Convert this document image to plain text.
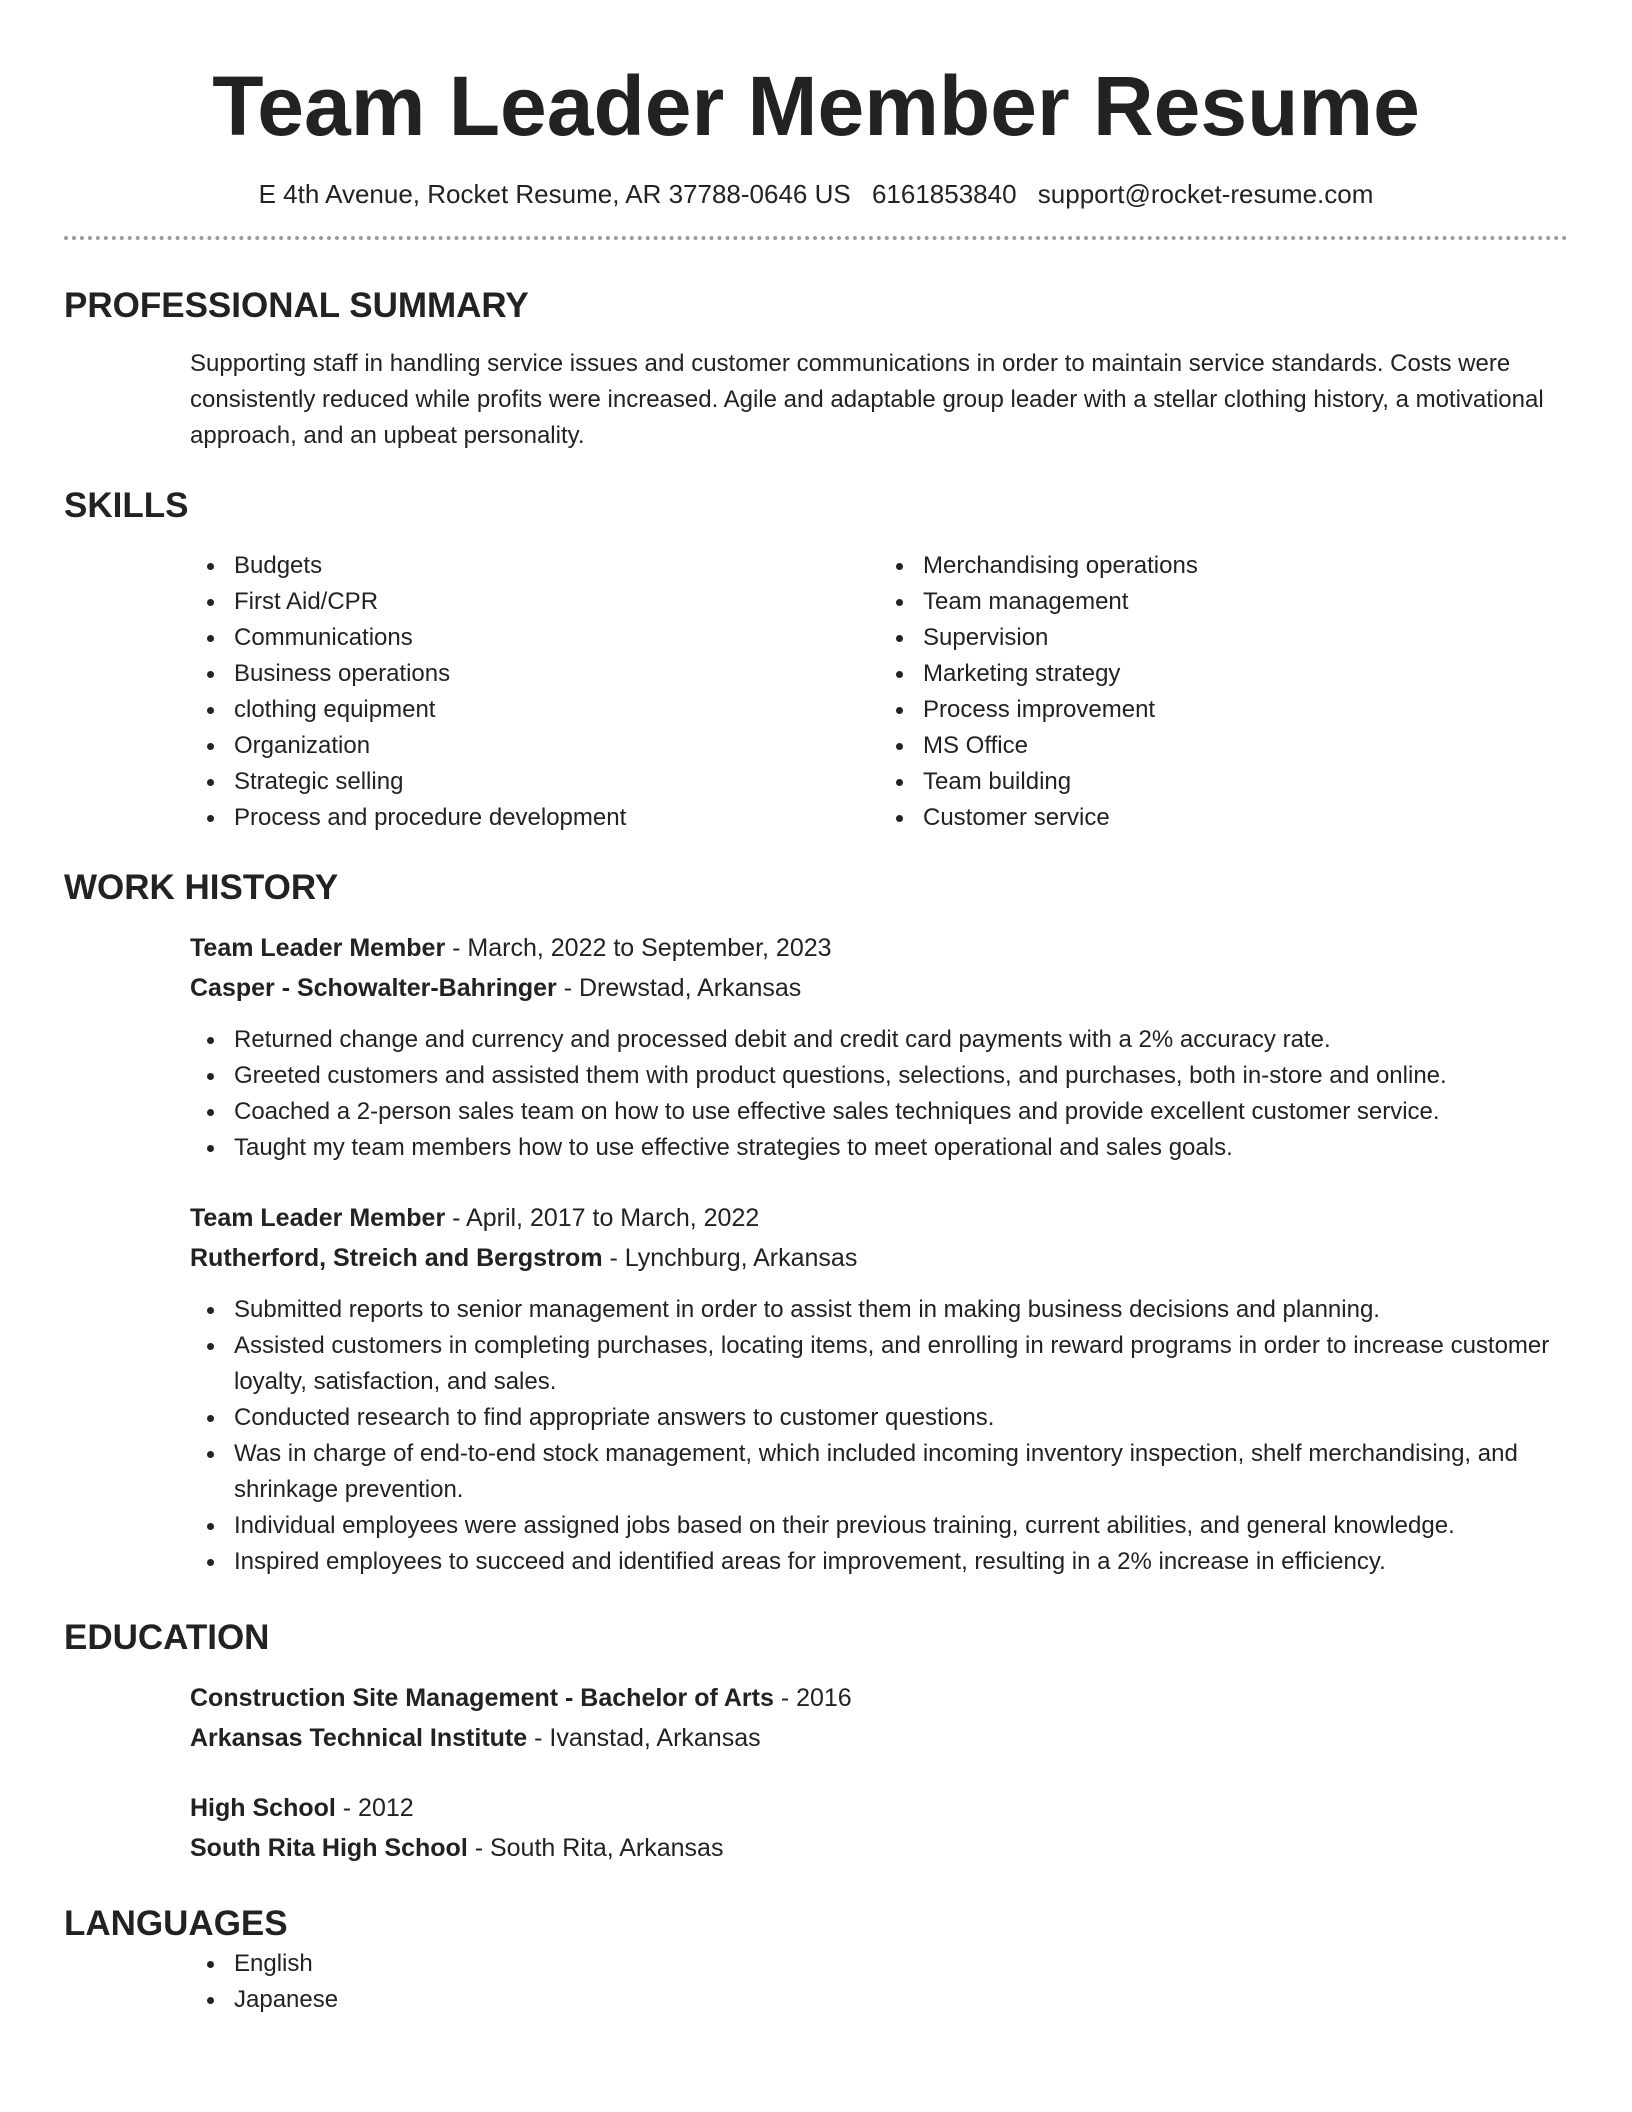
Team Leader Member Resume
E 4th Avenue, Rocket Resume, AR 37788-0646 US 6161853840 support@rocket-resume.com
PROFESSIONAL SUMMARY
Supporting staff in handling service issues and customer communications in order to maintain service standards. Costs were consistently reduced while profits were increased. Agile and adaptable group leader with a stellar clothing history, a motivational approach, and an upbeat personality.
SKILLS
Budgets
First Aid/CPR
Communications
Business operations
clothing equipment
Organization
Strategic selling
Process and procedure development
Merchandising operations
Team management
Supervision
Marketing strategy
Process improvement
MS Office
Team building
Customer service
WORK HISTORY
Team Leader Member - March, 2022 to September, 2023
Casper - Schowalter-Bahringer - Drewstad, Arkansas
Returned change and currency and processed debit and credit card payments with a 2% accuracy rate.
Greeted customers and assisted them with product questions, selections, and purchases, both in-store and online.
Coached a 2-person sales team on how to use effective sales techniques and provide excellent customer service.
Taught my team members how to use effective strategies to meet operational and sales goals.
Team Leader Member - April, 2017 to March, 2022
Rutherford, Streich and Bergstrom - Lynchburg, Arkansas
Submitted reports to senior management in order to assist them in making business decisions and planning.
Assisted customers in completing purchases, locating items, and enrolling in reward programs in order to increase customer loyalty, satisfaction, and sales.
Conducted research to find appropriate answers to customer questions.
Was in charge of end-to-end stock management, which included incoming inventory inspection, shelf merchandising, and shrinkage prevention.
Individual employees were assigned jobs based on their previous training, current abilities, and general knowledge.
Inspired employees to succeed and identified areas for improvement, resulting in a 2% increase in efficiency.
EDUCATION
Construction Site Management - Bachelor of Arts - 2016
Arkansas Technical Institute - Ivanstad, Arkansas
High School - 2012
South Rita High School - South Rita, Arkansas
LANGUAGES
English
Japanese
